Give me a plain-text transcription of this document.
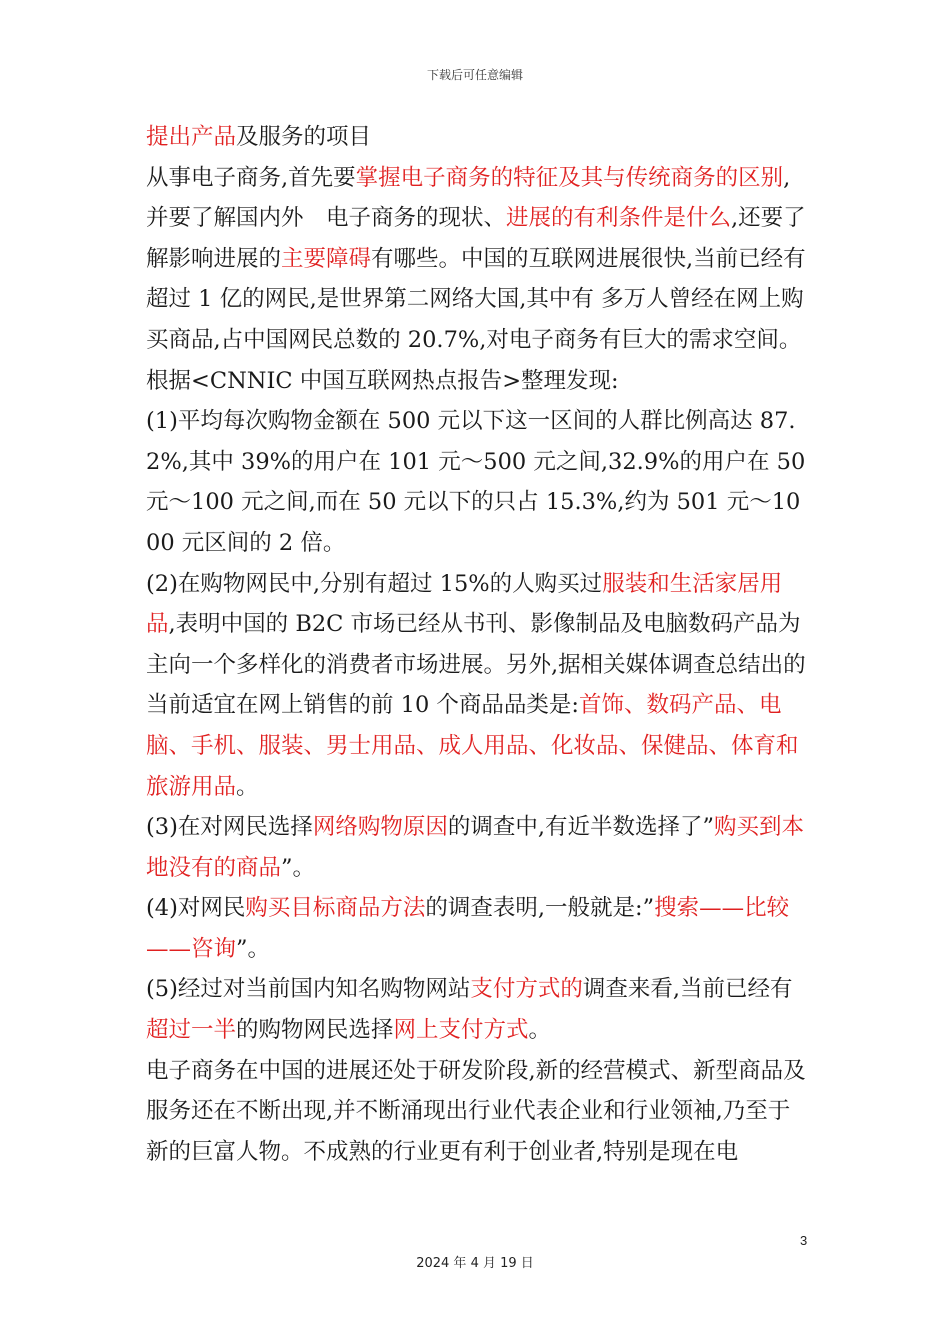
下载后可任意编辑

提出产品及服务的项目

从事电子商务,首先要掌握电子商务的特征及其与传统商务的区别,并要了解国内外　电子商务的现状、进展的有利条件是什么,还要了解影响进展的主要障碍有哪些。中国的互联网进展很快,当前已经有超过 1 亿的网民,是世界第二网络大国,其中有 多万人曾经在网上购买商品,占中国网民总数的 20.7%,对电子商务有巨大的需求空间。

根据<CNNIC 中国互联网热点报告>整理发现:

(1)平均每次购物金额在 500 元以下这一区间的人群比例高达 87.2%,其中 39%的用户在 101 元～500 元之间,32.9%的用户在 50 元～100 元之间,而在 50 元以下的只占 15.3%,约为 501 元～1000 元区间的 2 倍。

(2)在购物网民中,分别有超过 15%的人购买过服装和生活家居用品,表明中国的 B2C 市场已经从书刊、影像制品及电脑数码产品为主向一个多样化的消费者市场进展。另外,据相关媒体调查总结出的当前适宜在网上销售的前 10 个商品品类是:首饰、数码产品、电脑、手机、服装、男士用品、成人用品、化妆品、保健品、体育和旅游用品。

(3)在对网民选择网络购物原因的调查中,有近半数选择了”购买到本地没有的商品”。

(4)对网民购买目标商品方法的调查表明,一般就是:”搜索——比较——咨询”。

(5)经过对当前国内知名购物网站支付方式的调查来看,当前已经有超过一半的购物网民选择网上支付方式。

电子商务在中国的进展还处于研发阶段,新的经营模式、新型商品及服务还在不断出现,并不断涌现出行业代表企业和行业领袖,乃至于新的巨富人物。不成熟的行业更有利于创业者,特别是现在电

3
2024 年 4 月 19 日
